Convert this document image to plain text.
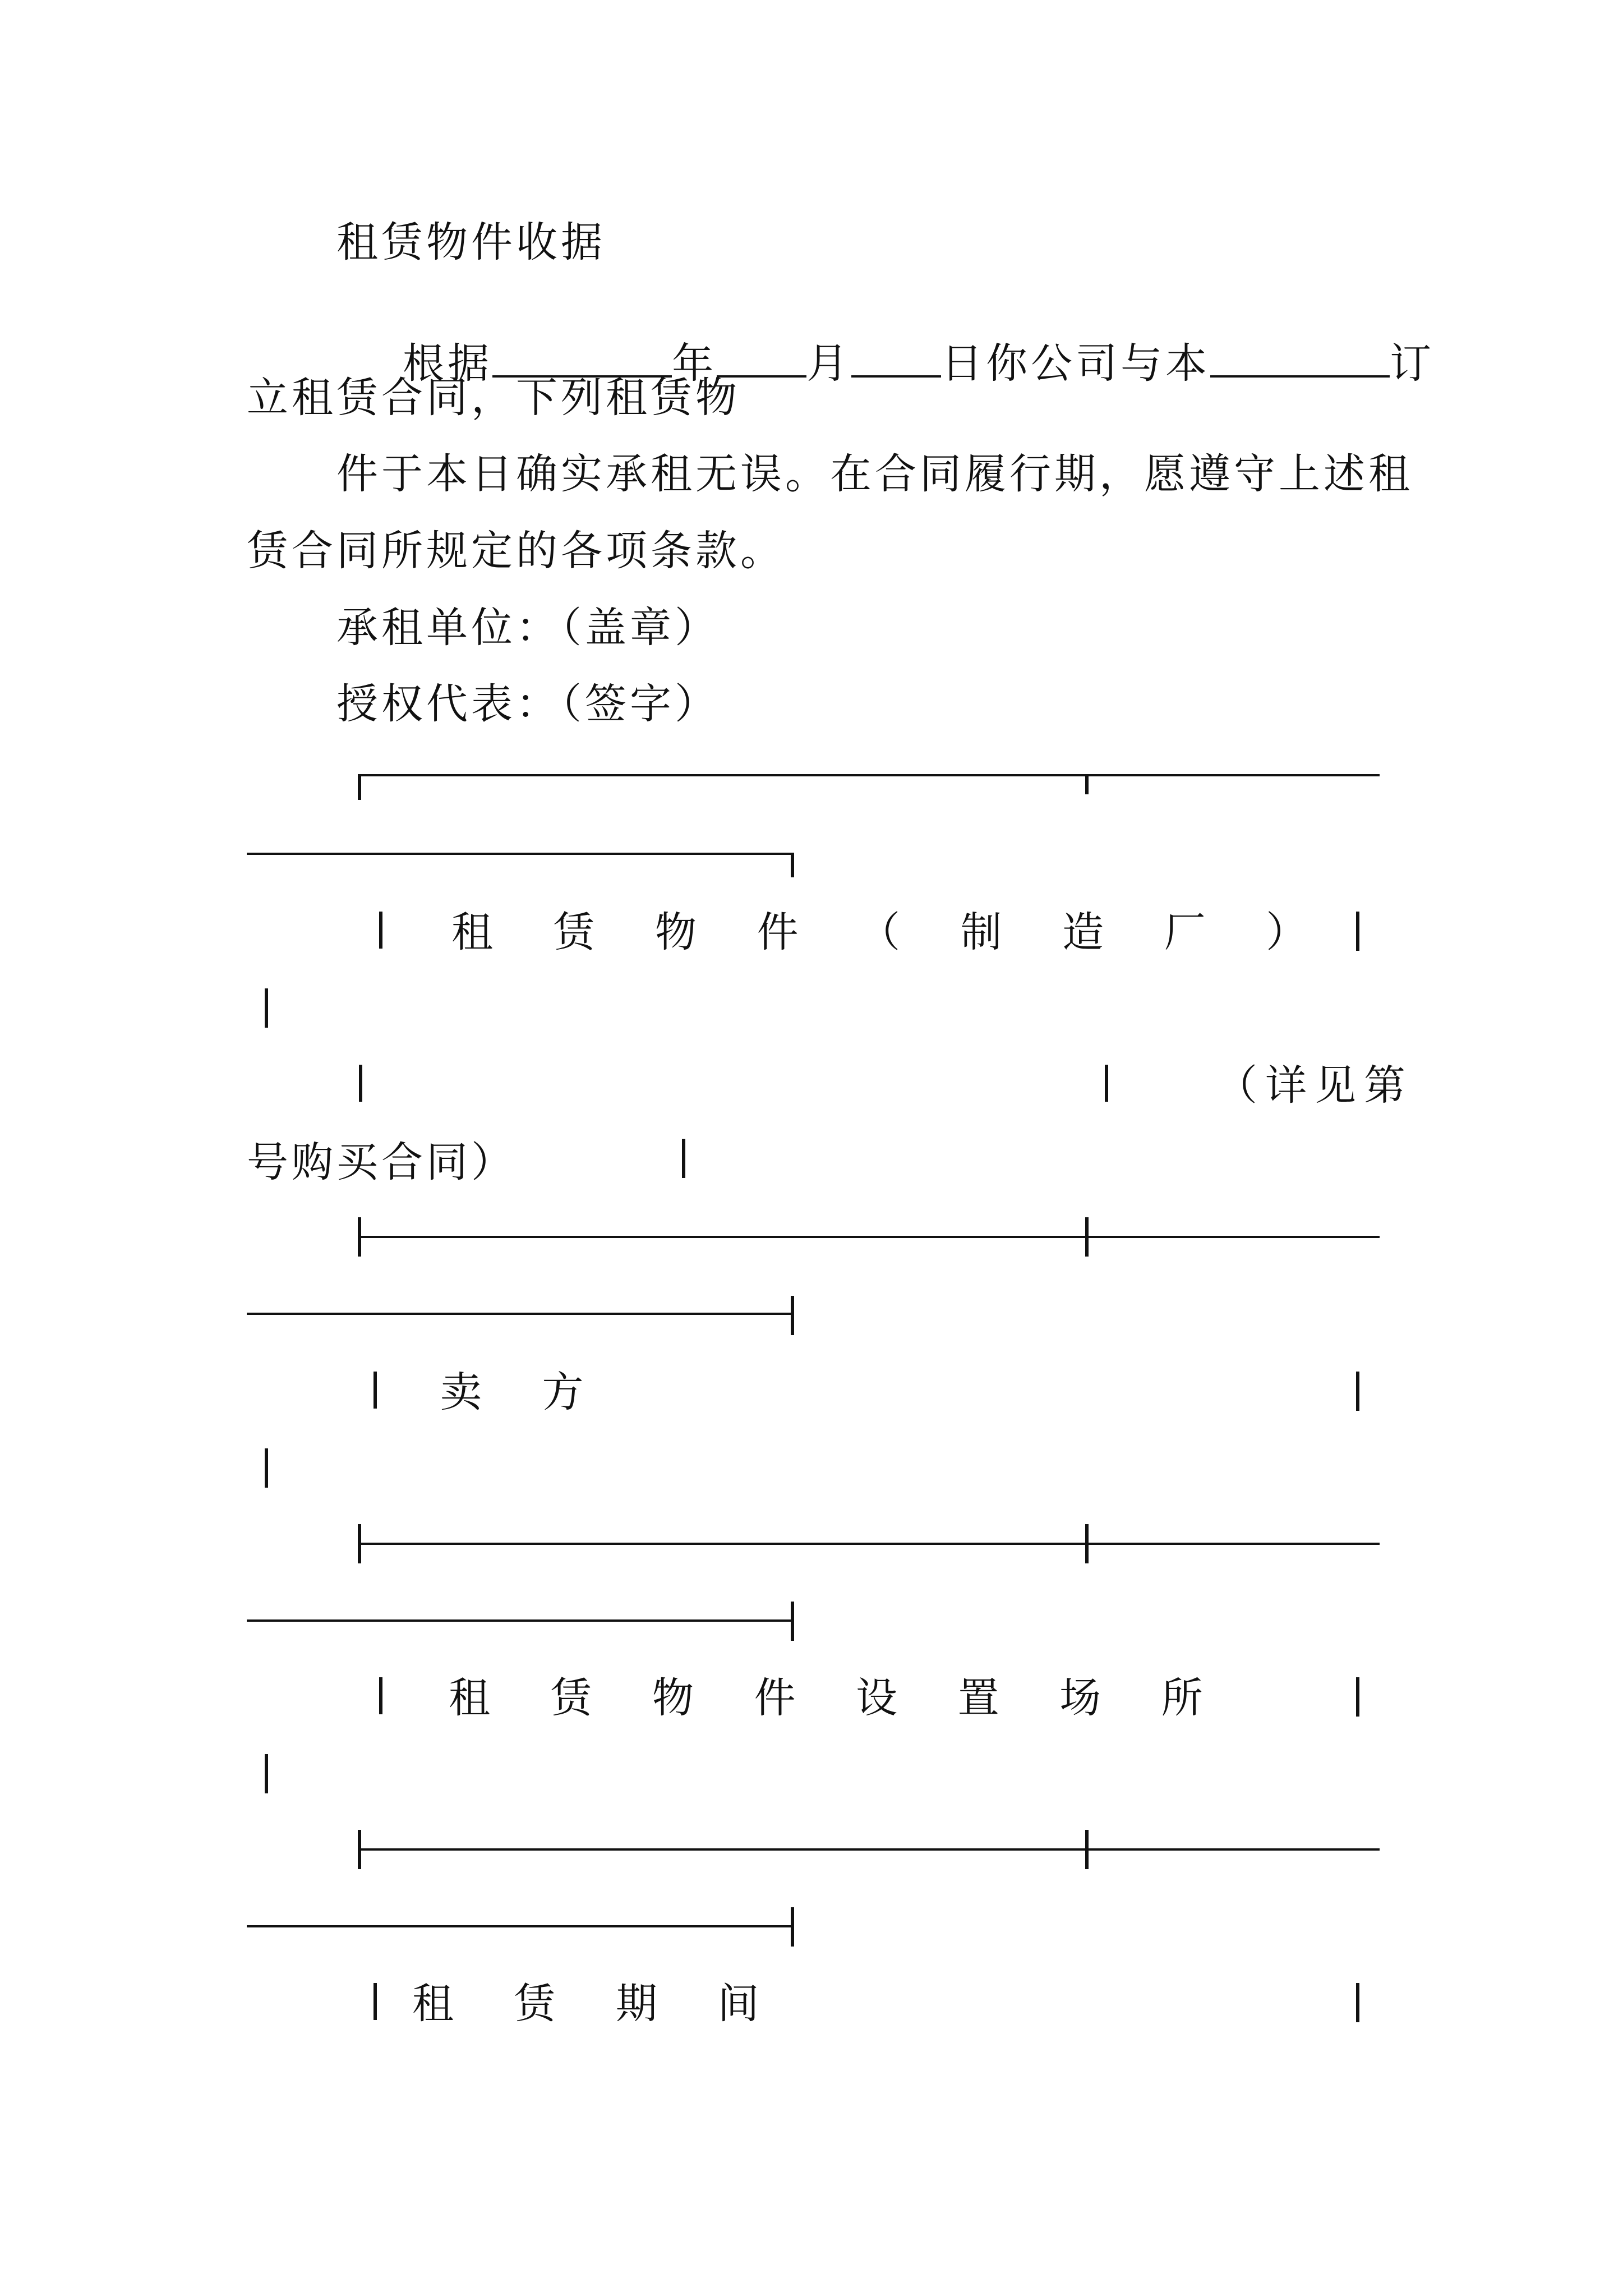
租赁物件收据

根据	年 月 日你公司与本	订

立租赁合同，下列租赁物
件于本日确实承租无误。在合同履行期，愿遵守上述租
赁合同所规定的各项条款。
承租单位：（盖章）
授权代表：（签字）
租 赁 物 件 （ 制 造 厂 ）
（详见第
号购买合同）
卖 方
租 赁 物 件 设 置 场 所
租 赁 期 间
